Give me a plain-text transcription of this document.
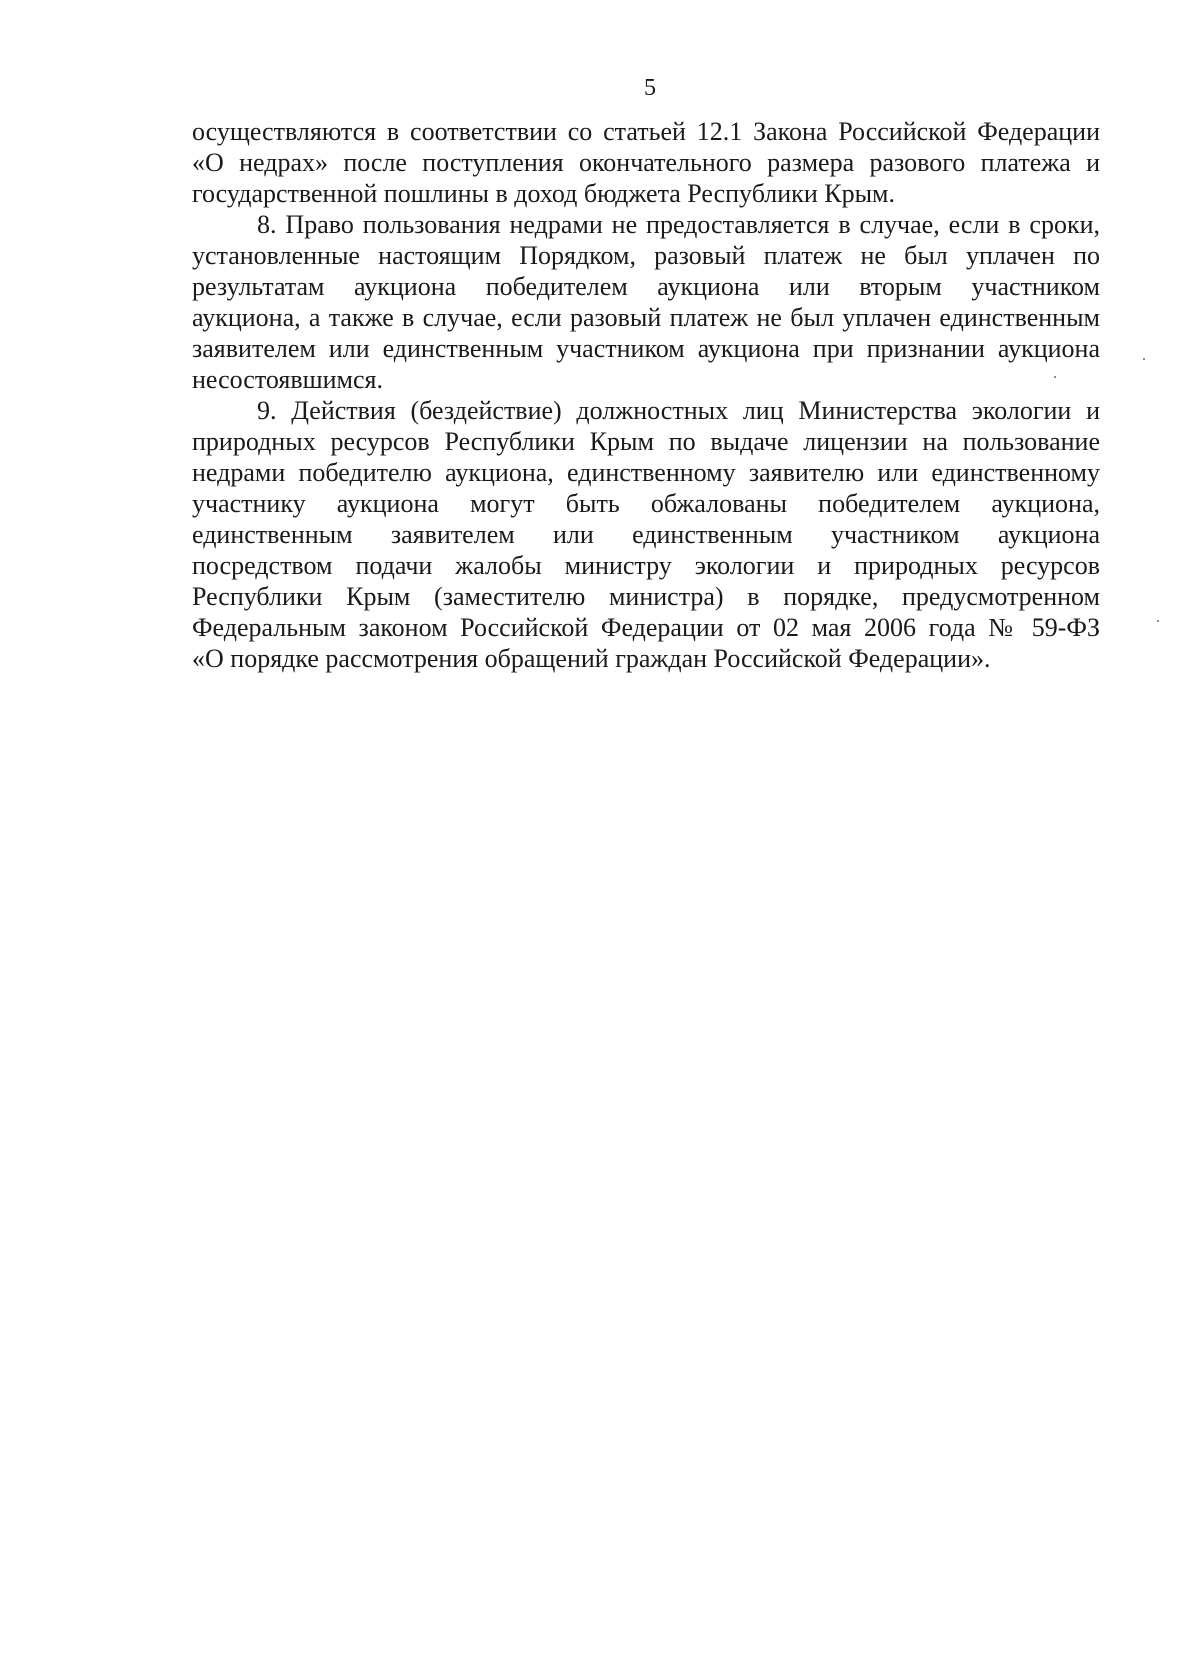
5
осуществляются в соответствии со статьей 12.1 Закона Российской Федерации
«О недрах» после поступления окончательного размера разового платежа и
государственной пошлины в доход бюджета Республики Крым.
8. Право пользования недрами не предоставляется в случае, если в сроки,
установленные настоящим Порядком, разовый платеж не был уплачен по
результатам аукциона победителем аукциона или вторым участником
аукциона, а также в случае, если разовый платеж не был уплачен единственным
заявителем или единственным участником аукциона при признании аукциона
несостоявшимся.
9. Действия (бездействие) должностных лиц Министерства экологии и
природных ресурсов Республики Крым по выдаче лицензии на пользование
недрами победителю аукциона, единственному заявителю или единственному
участнику аукциона могут быть обжалованы победителем аукциона,
единственным заявителем или единственным участником аукциона
посредством подачи жалобы министру экологии и природных ресурсов
Республики Крым (заместителю министра) в порядке, предусмотренном
Федеральным законом Российской Федерации от 02 мая 2006 года № 59-ФЗ
«О порядке рассмотрения обращений граждан Российской Федерации».
